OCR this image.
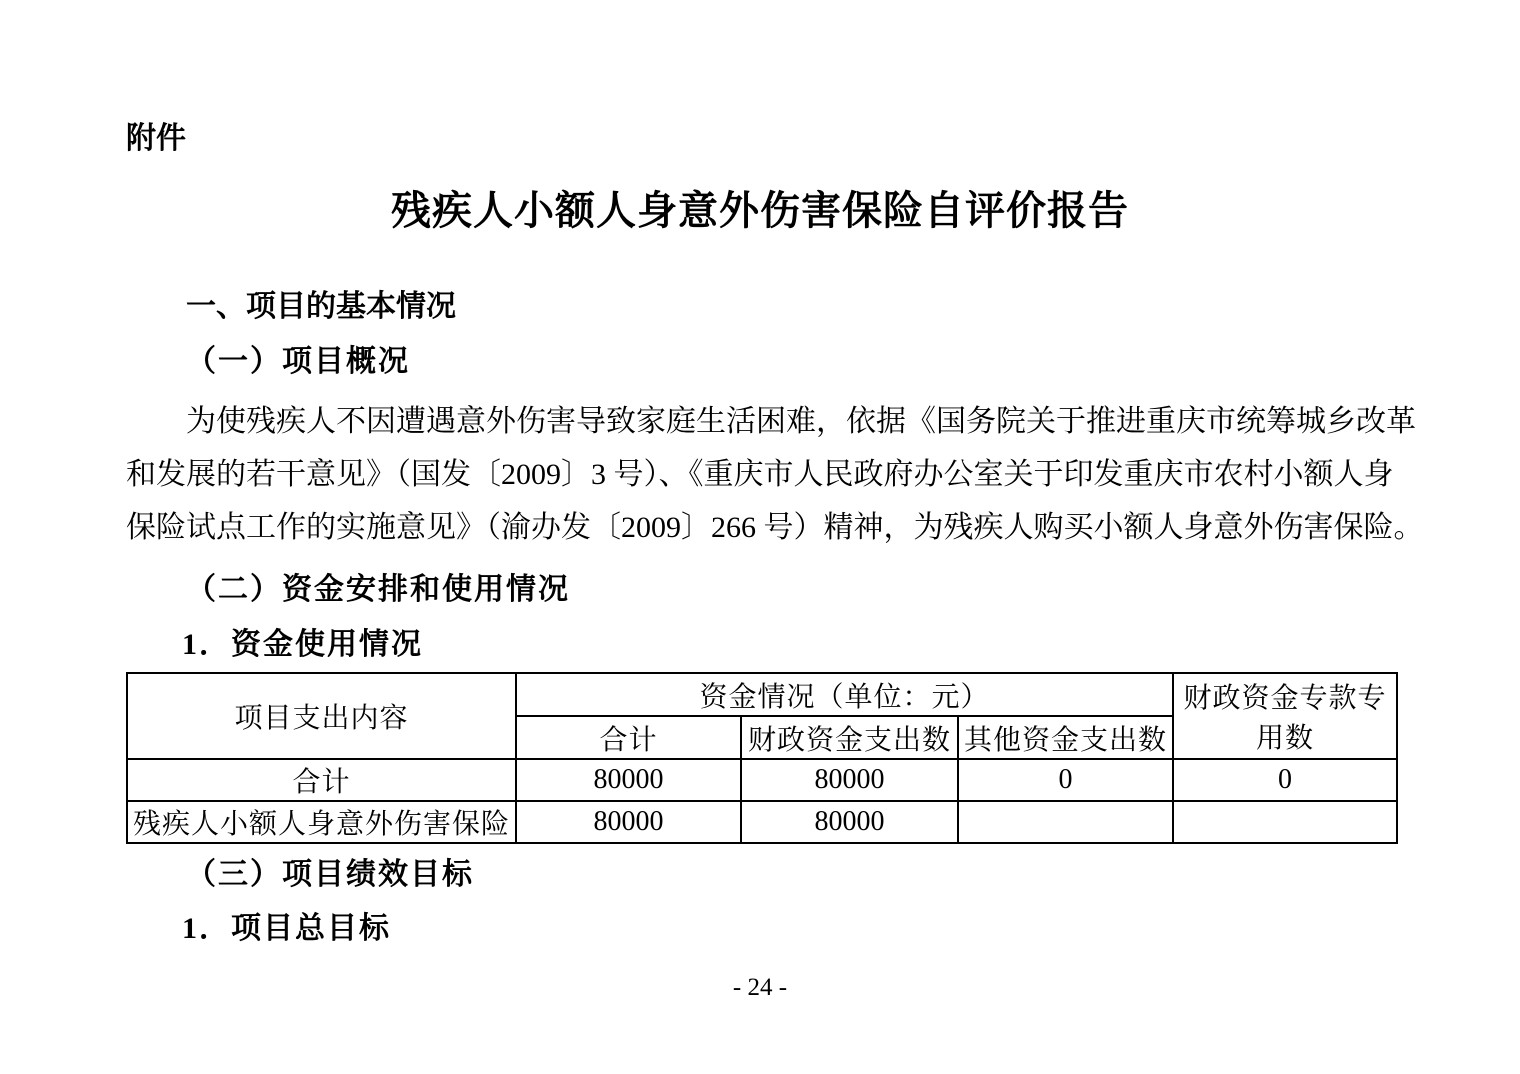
附件
残疾人小额人身意外伤害保险自评价报告
一、项目的基本情况
（一）项目概况
为使残疾人不因遭遇意外伤害导致家庭生活困难，依据《国务院关于推进重庆市统筹城乡改革
和发展的若干意见》（国发〔2009〕3 号）、《重庆市人民政府办公室关于印发重庆市农村小额人身
保险试点工作的实施意见》（渝办发〔2009〕266 号）精神，为残疾人购买小额人身意外伤害保险。
（二）资金安排和使用情况
1．资金使用情况
项目支出内容	资金情况（单位：元）			财政资金专款专用数
	合计	财政资金支出数	其他资金支出数	
合计	80000	80000	0	0
残疾人小额人身意外伤害保险	80000	80000		
（三）项目绩效目标
1．项目总目标
- 24 -
